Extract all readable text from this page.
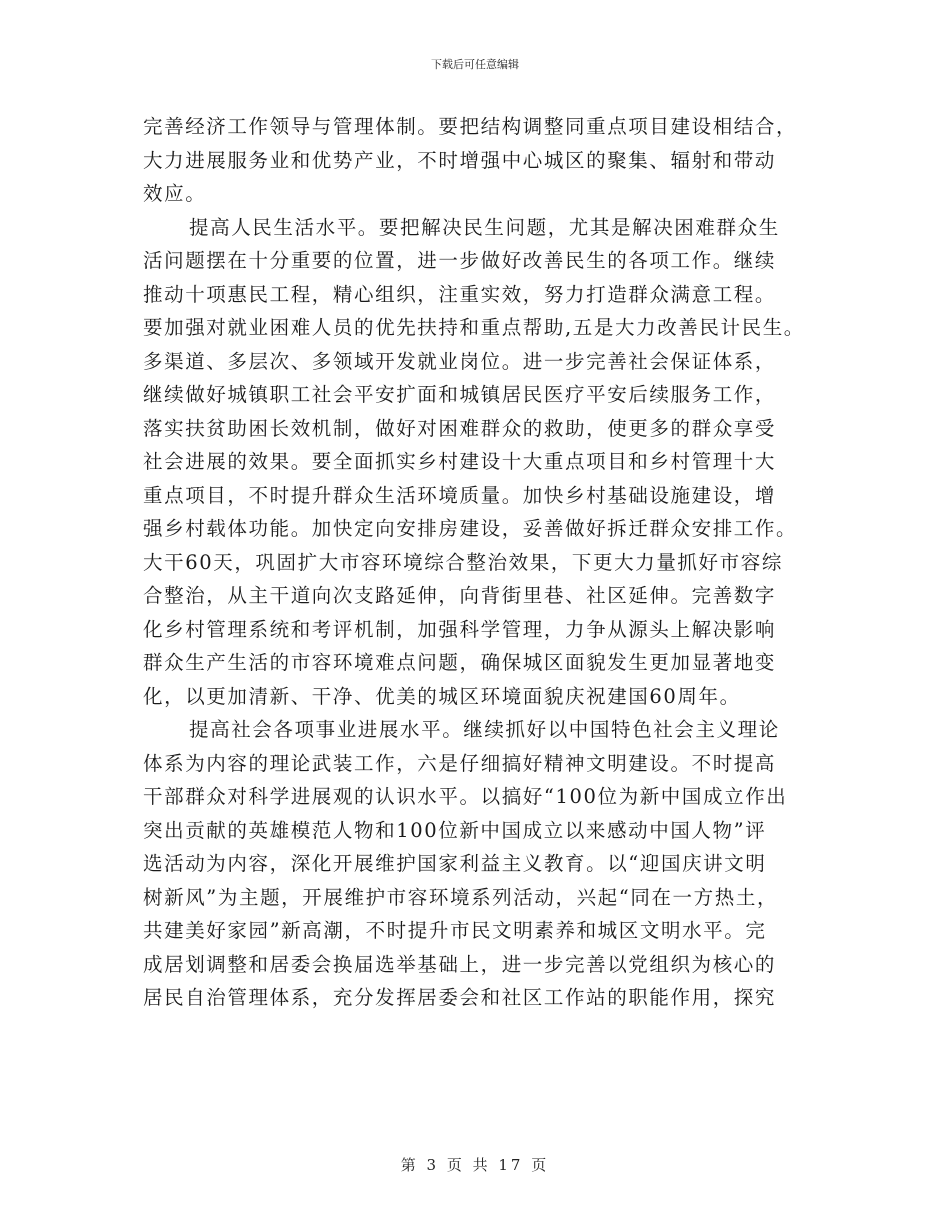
下载后可任意编辑
完善经济工作领导与管理体制。要把结构调整同重点项目建设相结合，
大力进展服务业和优势产业，不时增强中心城区的聚集、辐射和带动
效应。
提高人民生活水平。要把解决民生问题，尤其是解决困难群众生
活问题摆在十分重要的位置，进一步做好改善民生的各项工作。继续
推动十项惠民工程，精心组织，注重实效，努力打造群众满意工程。
要加强对就业困难人员的优先扶持和重点帮助,五是大力改善民计民生。
多渠道、多层次、多领域开发就业岗位。进一步完善社会保证体系，
继续做好城镇职工社会平安扩面和城镇居民医疗平安后续服务工作，
落实扶贫助困长效机制，做好对困难群众的救助，使更多的群众享受
社会进展的效果。要全面抓实乡村建设十大重点项目和乡村管理十大
重点项目，不时提升群众生活环境质量。加快乡村基础设施建设，增
强乡村载体功能。加快定向安排房建设，妥善做好拆迁群众安排工作。
大干60天，巩固扩大市容环境综合整治效果，下更大力量抓好市容综
合整治，从主干道向次支路延伸，向背街里巷、社区延伸。完善数字
化乡村管理系统和考评机制，加强科学管理，力争从源头上解决影响
群众生产生活的市容环境难点问题，确保城区面貌发生更加显著地变
化，以更加清新、干净、优美的城区环境面貌庆祝建国60周年。
提高社会各项事业进展水平。继续抓好以中国特色社会主义理论
体系为内容的理论武装工作，六是仔细搞好精神文明建设。不时提高
干部群众对科学进展观的认识水平。以搞好“100位为新中国成立作出
突出贡献的英雄模范人物和100位新中国成立以来感动中国人物”评
选活动为内容，深化开展维护国家利益主义教育。以“迎国庆讲文明
树新风”为主题，开展维护市容环境系列活动，兴起“同在一方热土，
共建美好家园”新高潮，不时提升市民文明素养和城区文明水平。完
成居划调整和居委会换届选举基础上，进一步完善以党组织为核心的
居民自治管理体系，充分发挥居委会和社区工作站的职能作用，探究
第 3 页 共 17 页
